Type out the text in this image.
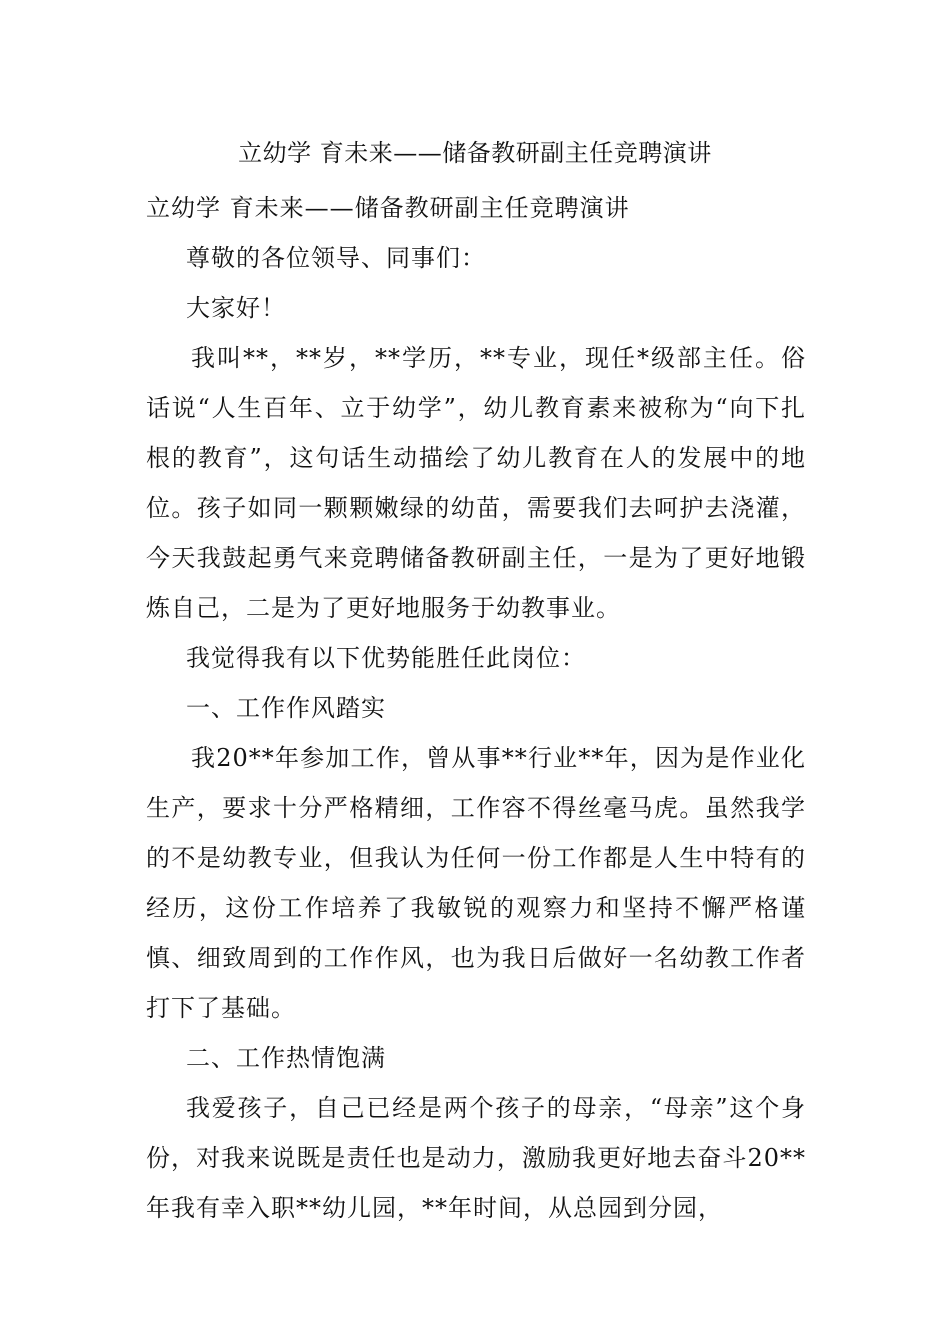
立幼学 育未来——储备教研副主任竞聘演讲

立幼学 育未来——储备教研副主任竞聘演讲

尊敬的各位领导、同事们：

大家好！

我叫**，**岁，**学历，**专业，现任*级部主任。俗话说“人生百年、立于幼学”，幼儿教育素来被称为“向下扎根的教育”，这句话生动描绘了幼儿教育在人的发展中的地位。孩子如同一颗颗嫩绿的幼苗，需要我们去呵护去浇灌，今天我鼓起勇气来竞聘储备教研副主任，一是为了更好地锻炼自己，二是为了更好地服务于幼教事业。

我觉得我有以下优势能胜任此岗位：

一、工作作风踏实

我20**年参加工作，曾从事**行业**年，因为是作业化生产，要求十分严格精细，工作容不得丝毫马虎。虽然我学的不是幼教专业，但我认为任何一份工作都是人生中特有的经历，这份工作培养了我敏锐的观察力和坚持不懈严格谨慎、细致周到的工作作风，也为我日后做好一名幼教工作者打下了基础。

二、工作热情饱满

我爱孩子，自己已经是两个孩子的母亲，“母亲”这个身份，对我来说既是责任也是动力，激励我更好地去奋斗20**年我有幸入职**幼儿园，**年时间，从总园到分园，
